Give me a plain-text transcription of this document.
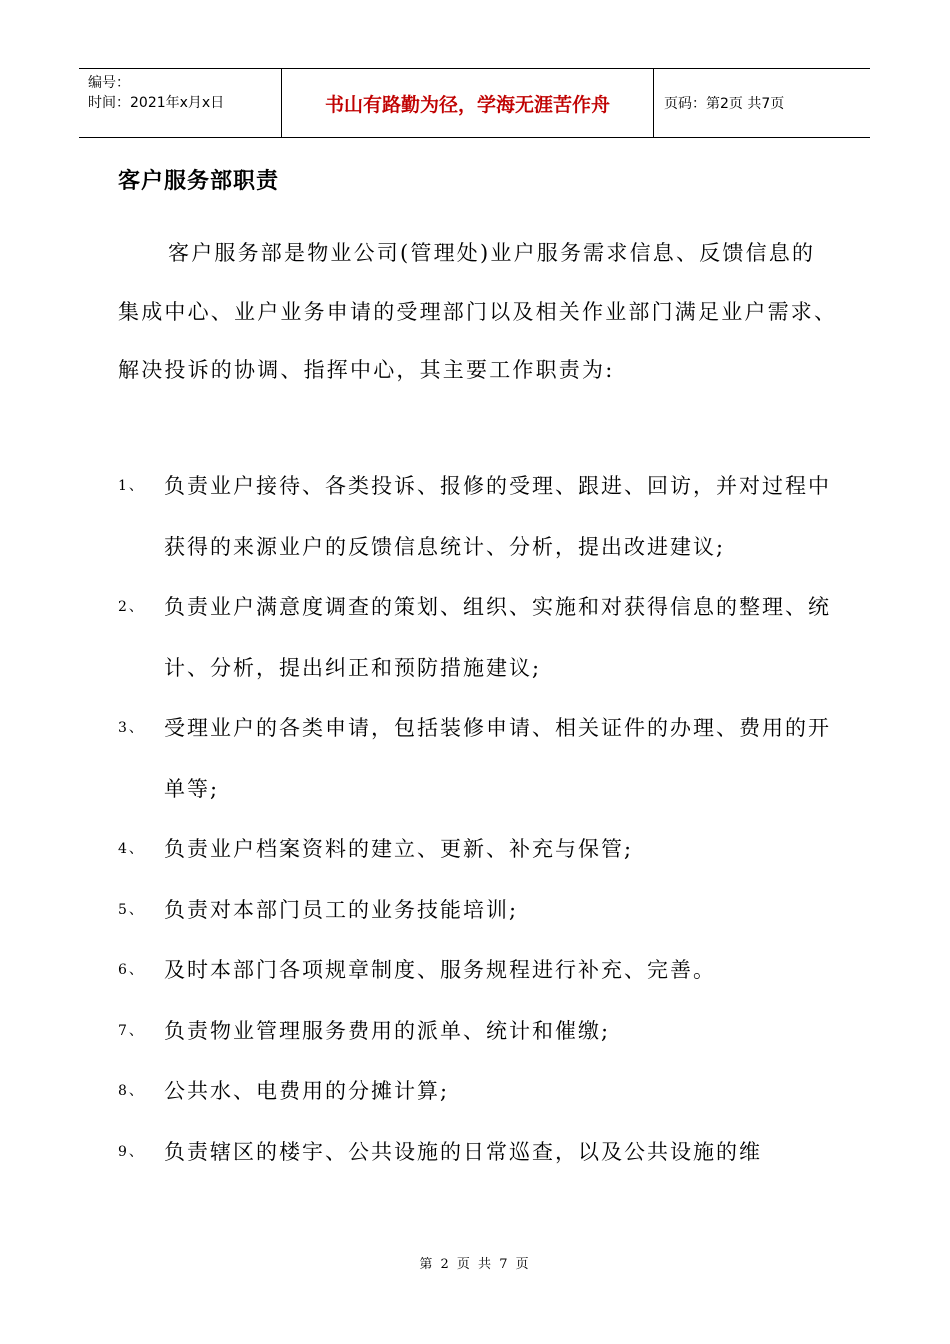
编号：
时间：2021年x月x日	书山有路勤为径，学海无涯苦作舟	页码：第2页 共7页
客户服务部职责

客户服务部是物业公司(管理处)业户服务需求信息、反馈信息的集成中心、业户业务申请的受理部门以及相关作业部门满足业户需求、解决投诉的协调、指挥中心，其主要工作职责为:

1、 负责业户接待、各类投诉、报修的受理、跟进、回访，并对过程中获得的来源业户的反馈信息统计、分析，提出改进建议;
2、 负责业户满意度调查的策划、组织、实施和对获得信息的整理、统计、分析，提出纠正和预防措施建议;
3、 受理业户的各类申请，包括装修申请、相关证件的办理、费用的开单等;
4、 负责业户档案资料的建立、更新、补充与保管;
5、 负责对本部门员工的业务技能培训;
6、 及时本部门各项规章制度、服务规程进行补充、完善。
7、 负责物业管理服务费用的派单、统计和催缴;
8、 公共水、电费用的分摊计算;
9、 负责辖区的楼宇、公共设施的日常巡查，以及公共设施的维
第 2 页 共 7 页
